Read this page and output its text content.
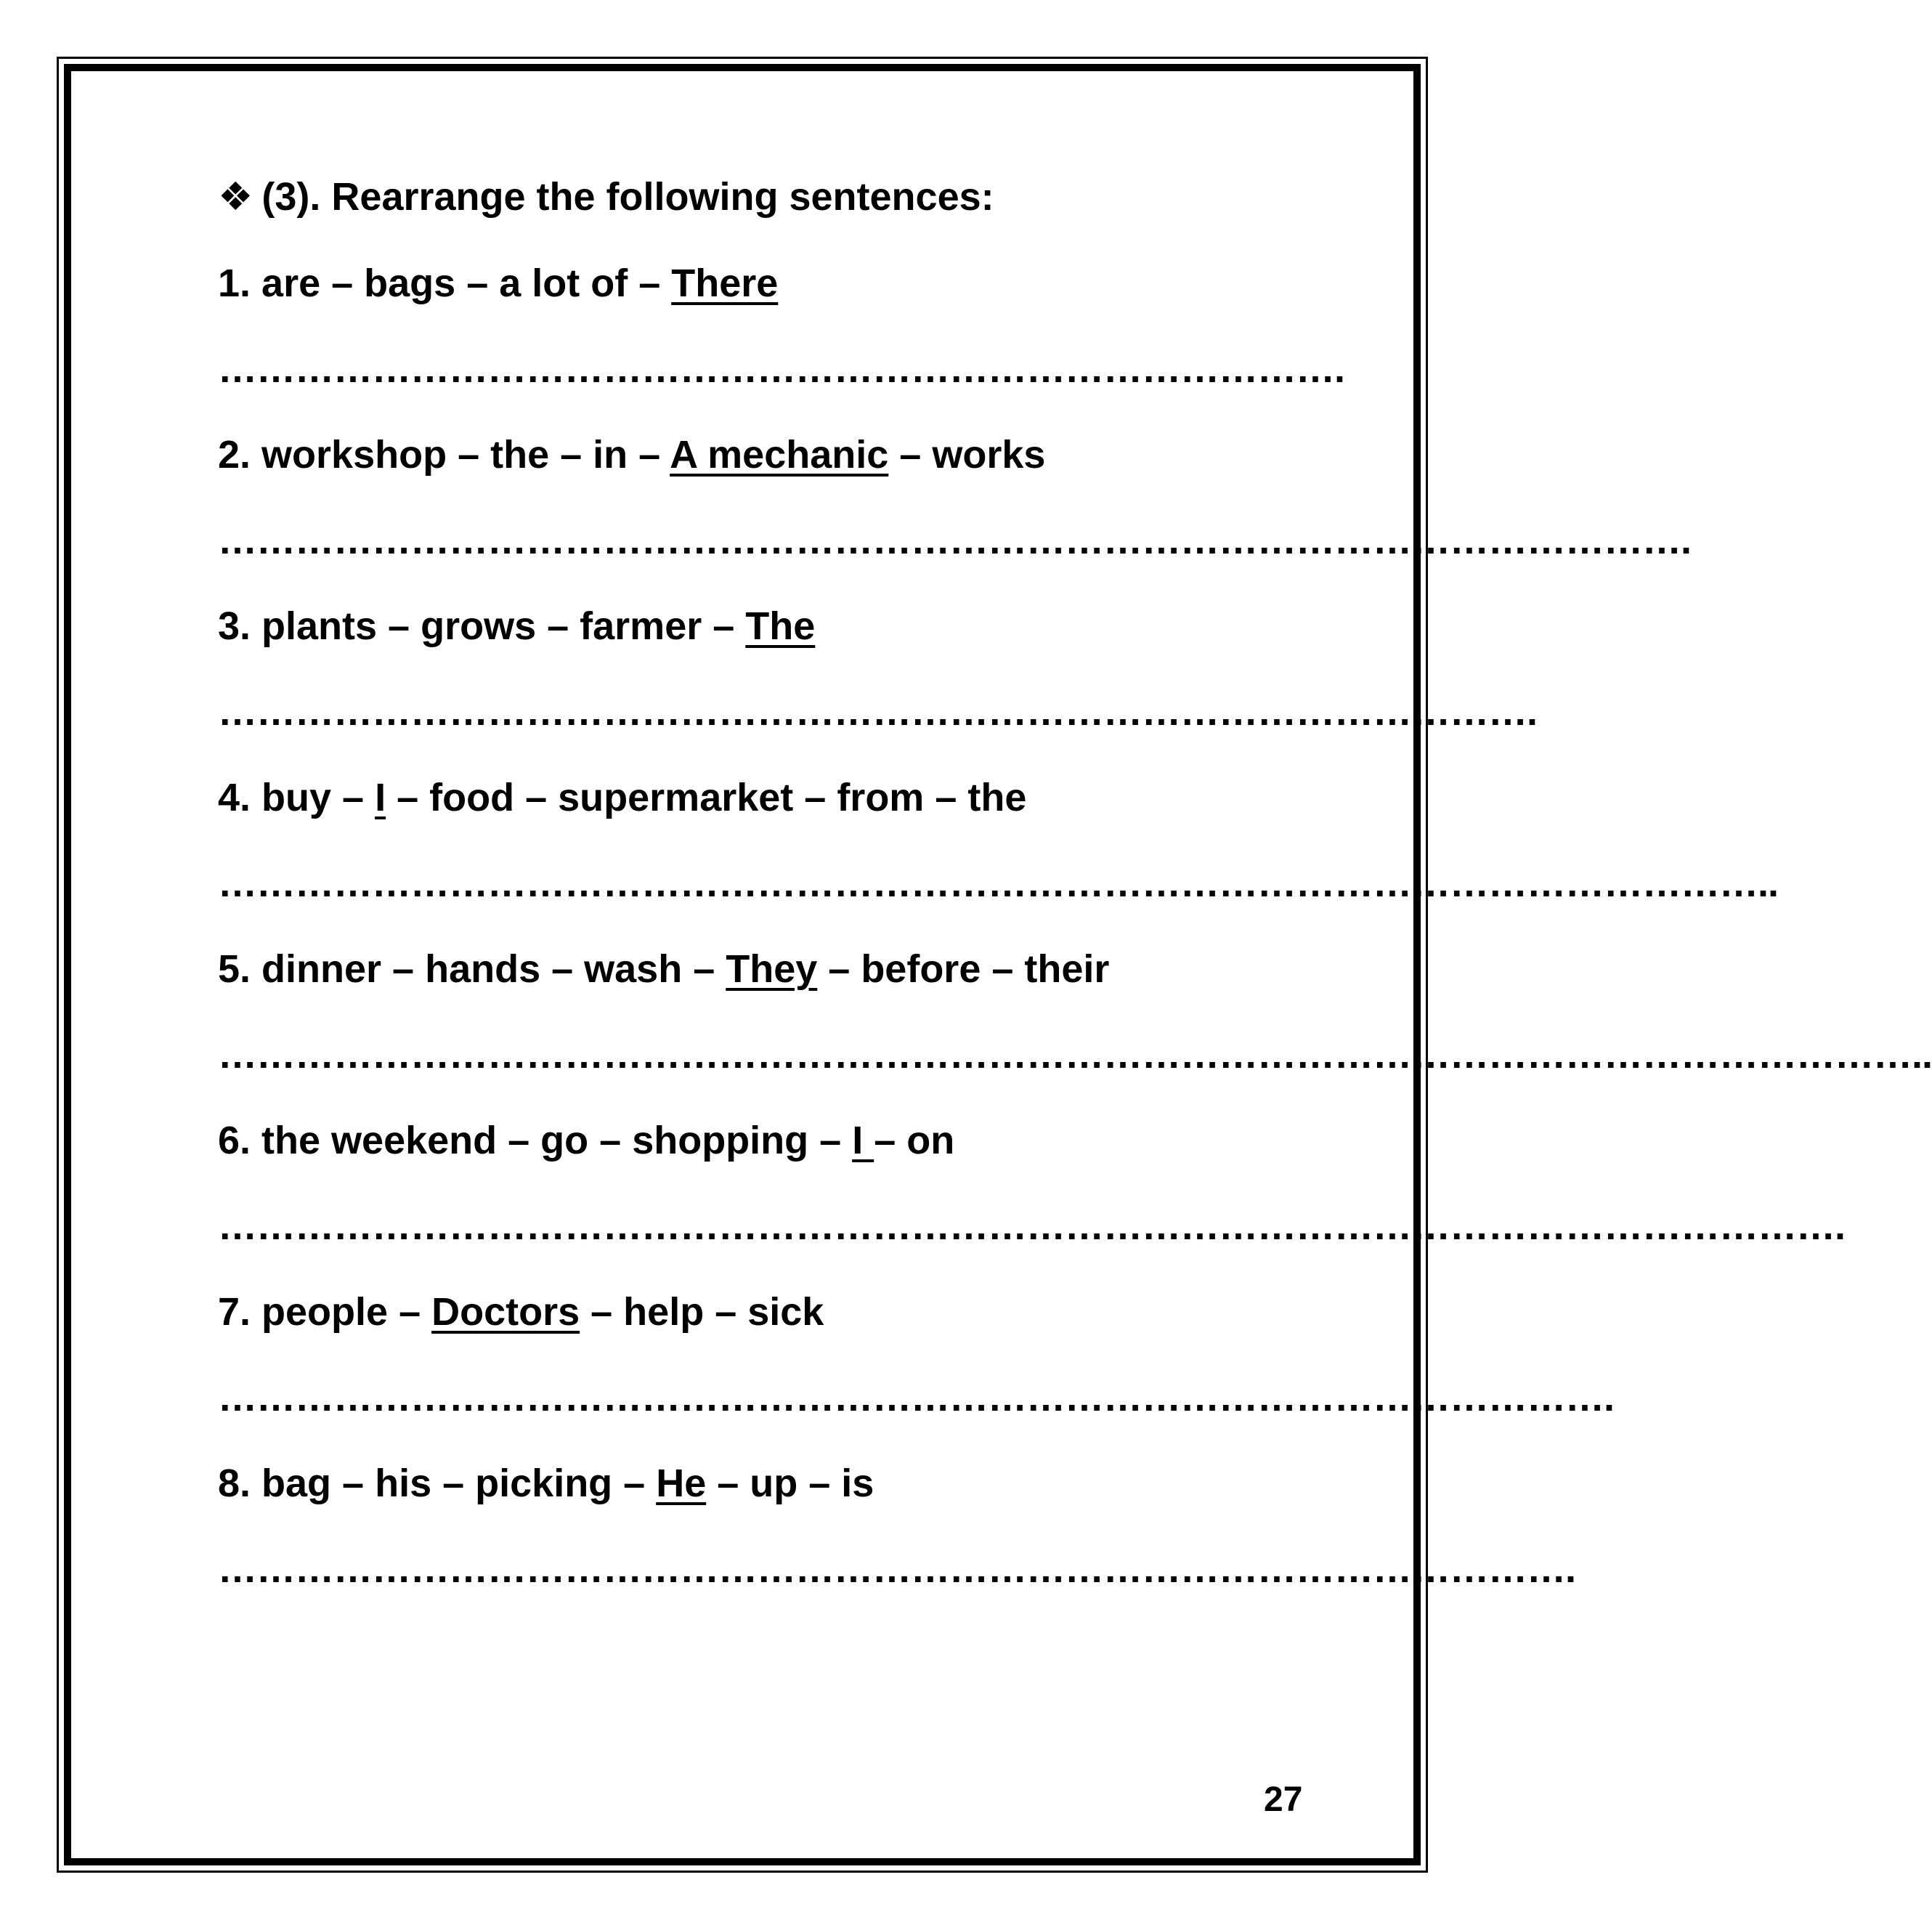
❖ (3). Rearrange the following sentences:
1. are – bags – a lot of – There
…………………………………………………………………………….
2. workshop – the – in – A mechanic – works
…………………………………………………………………………………………………….
3. plants – grows – farmer – The
………………………………………………………………………………………….
4. buy – I – food – supermarket – from – the
…………………………………………………………………………………………………………..
5. dinner – hands – wash – They – before – their
……………………………………………………………………………………………………………………..
6. the weekend – go – shopping – I – on
……………………………………………………………………………………………………………….
7. people – Doctors – help – sick
……………………………………………………………………………………………….
8. bag – his – picking – He – up – is
…………………………………………………………………………………………….
27
